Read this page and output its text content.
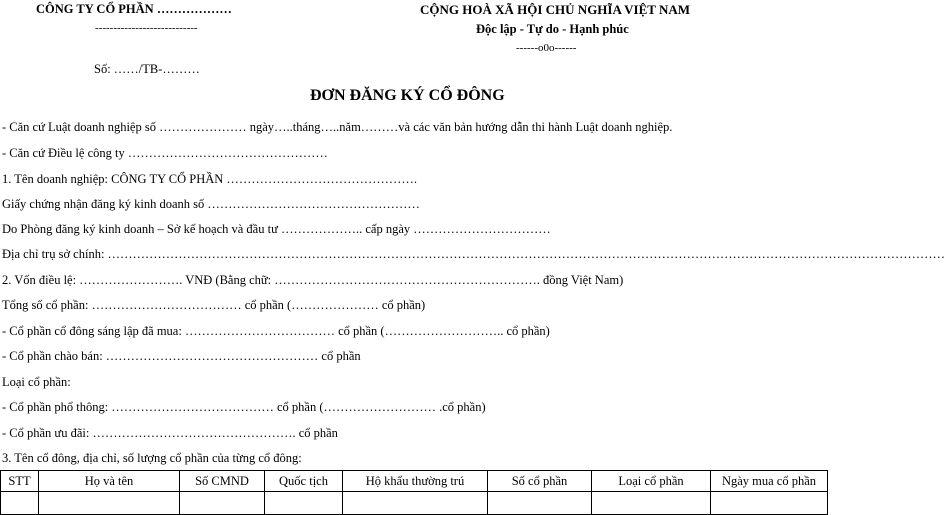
CÔNG TY CỔ PHẦN ………………
----------------------------
Số: ……/TB-………
CỘNG HOÀ XÃ HỘI CHỦ NGHĨA VIỆT NAM
Độc lập - Tự do - Hạnh phúc
------o0o------
ĐƠN ĐĂNG KÝ CỔ ĐÔNG
- Căn cứ Luật doanh nghiệp số ………………… ngày…..tháng…..năm………và các văn bản hướng dẫn thi hành Luật doanh nghiệp.
- Căn cứ Điều lệ công ty …………………………………………
1. Tên doanh nghiệp: CÔNG TY CỔ PHẦN ……………………………………….
Giấy chứng nhận đăng ký kinh doanh số ……………………………………………
Do Phòng đăng ký kinh doanh – Sở kế hoạch và đầu tư ……………….. cấp ngày ……………………………
Địa chỉ trụ sở chính: …………………………………………………………………………………………………………………………………………………………………………………
2. Vốn điều lệ: ……………………. VNĐ (Bằng chữ: ………………………………………………………. đồng Việt Nam)
Tổng số cổ phần: ……………………………… cổ phần (………………… cổ phần)
- Cổ phần cổ đông sáng lập đã mua: ……………………………… cổ phần (……………………….. cổ phần)
- Cổ phần chào bán: …………………………………………… cổ phần
Loại cổ phần:
- Cổ phần phổ thông: ………………………………… cổ phần (……………………… .cổ phần)
- Cổ phần ưu đãi: …………………………………………. cổ phần
3. Tên cổ đông, địa chỉ, số lượng cổ phần của từng cổ đông:
STT	Họ và tên	Số CMND	Quốc tịch	Hộ khẩu thường trú	Số cổ phần	Loại cổ phần	Ngày mua cổ phần
